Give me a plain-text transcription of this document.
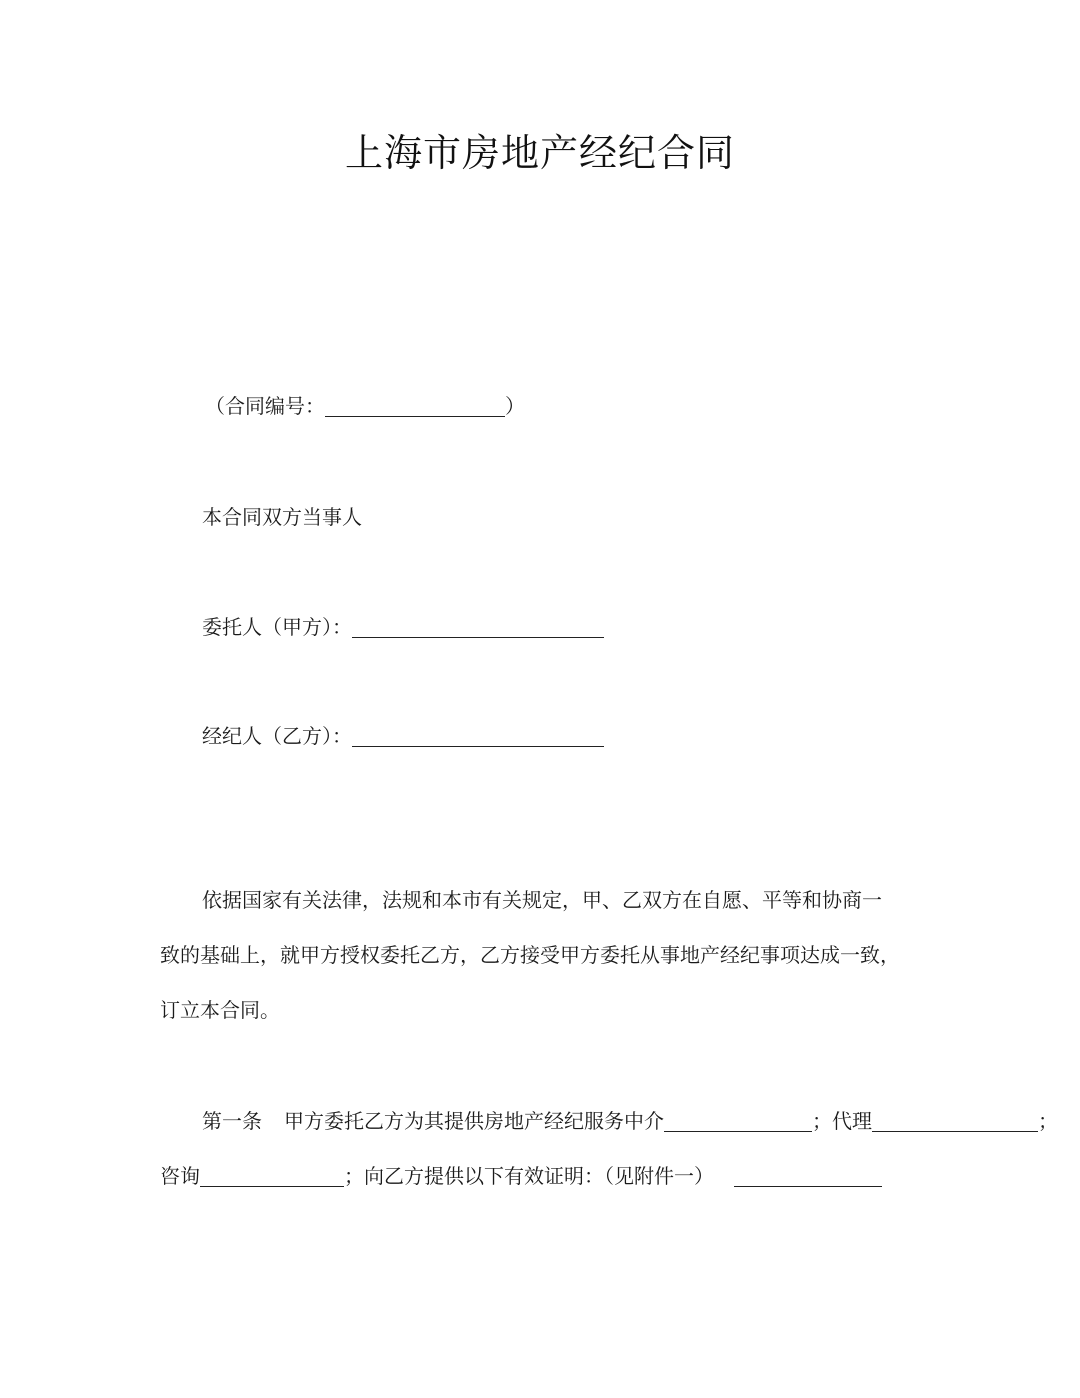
上海市房地产经纪合同
（合同编号：	）
本合同双方当事人
委托人（甲方）：
经纪人（乙方）：
依据国家有关法律，法规和本市有关规定，甲、乙双方在自愿、平等和协商一
致的基础上，就甲方授权委托乙方，乙方接受甲方委托从事地产经纪事项达成一致，
订立本合同。
第一条 甲方委托乙方为其提供房地产经纪服务中介	；代理	；
咨询	；向乙方提供以下有效证明：（见附件一）
